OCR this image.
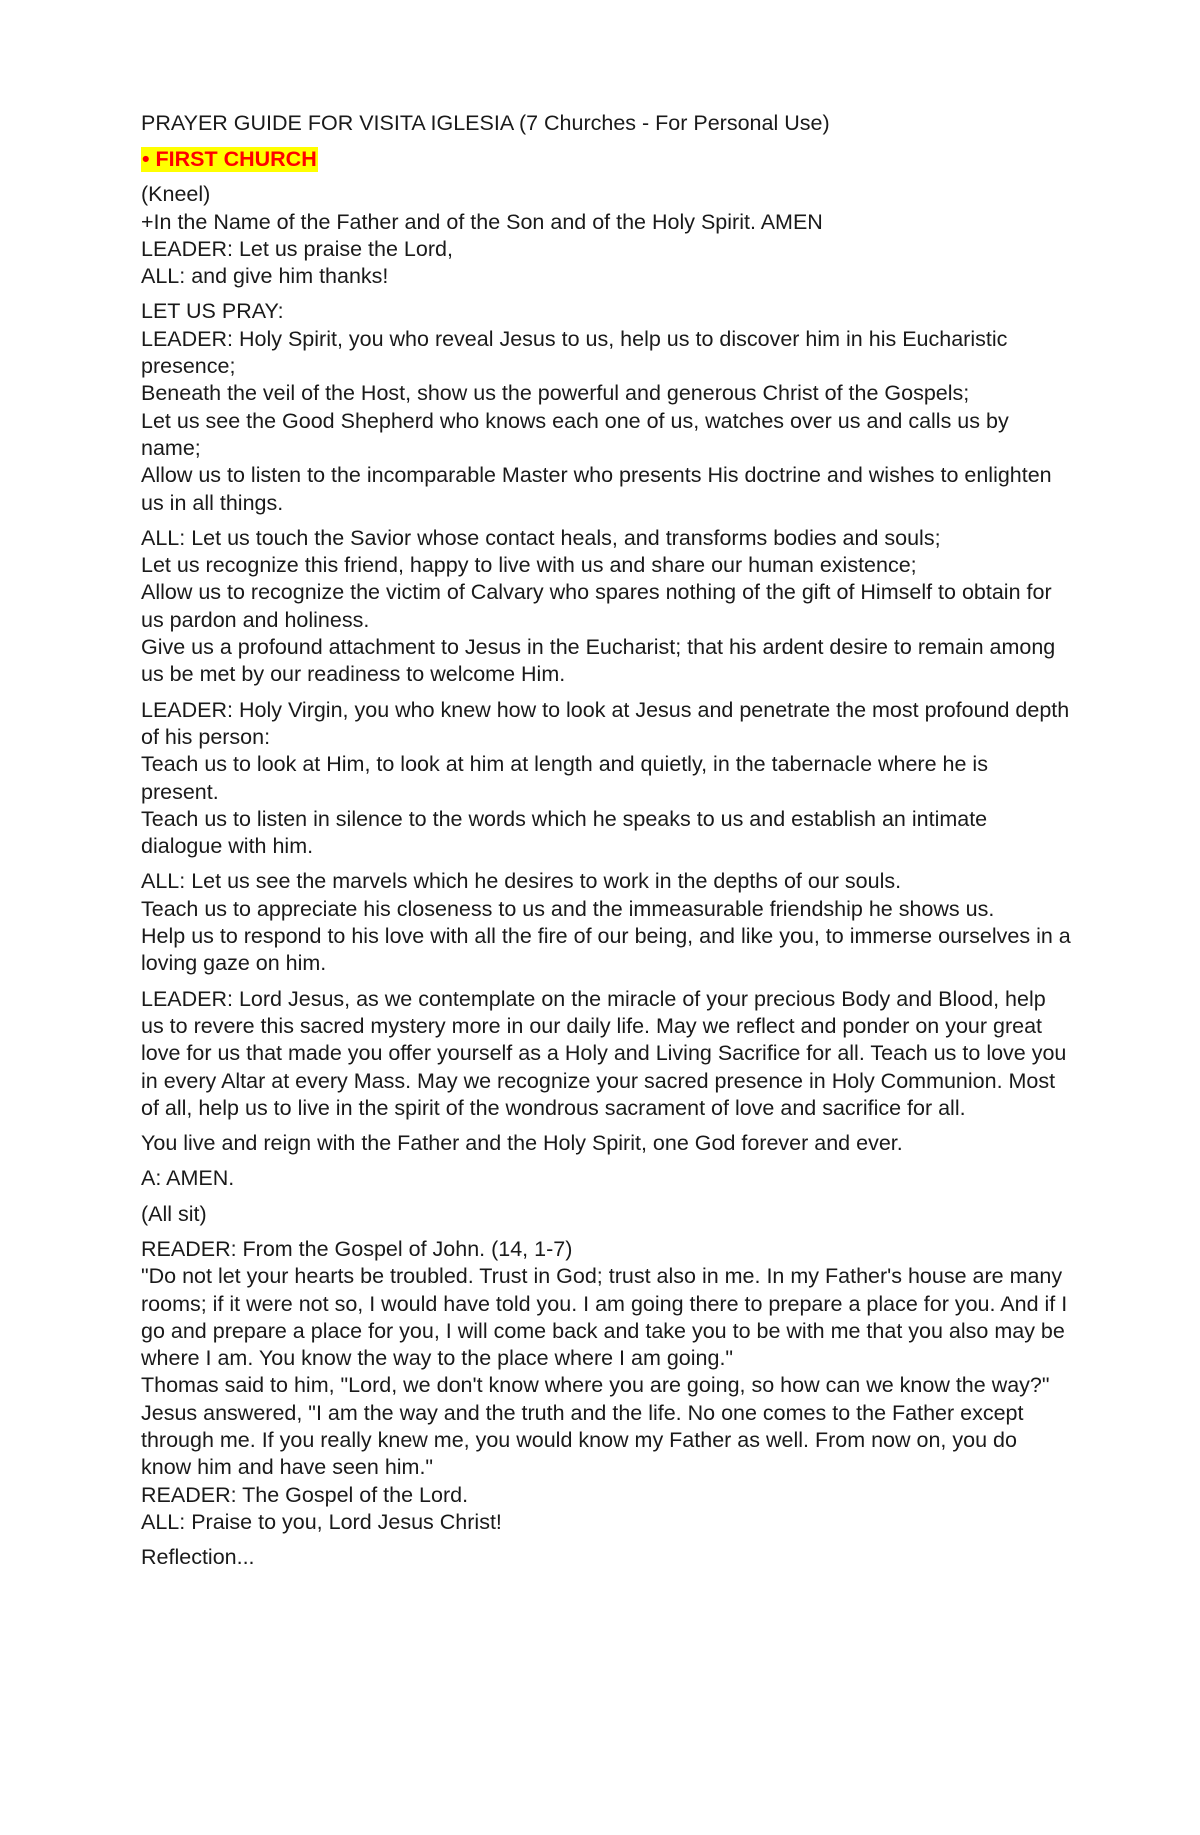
PRAYER GUIDE FOR VISITA IGLESIA (7 Churches - For Personal Use)

• FIRST CHURCH

(Kneel)
+In the Name of the Father and of the Son and of the Holy Spirit. AMEN
LEADER: Let us praise the Lord,
ALL: and give him thanks!

LET US PRAY:
LEADER: Holy Spirit, you who reveal Jesus to us, help us to discover him in his Eucharistic presence;
Beneath the veil of the Host, show us the powerful and generous Christ of the Gospels;
Let us see the Good Shepherd who knows each one of us, watches over us and calls us by name;
Allow us to listen to the incomparable Master who presents His doctrine and wishes to enlighten us in all things.

ALL: Let us touch the Savior whose contact heals, and transforms bodies and souls;
Let us recognize this friend, happy to live with us and share our human existence;
Allow us to recognize the victim of Calvary who spares nothing of the gift of Himself to obtain for us pardon and holiness.
Give us a profound attachment to Jesus in the Eucharist; that his ardent desire to remain among us be met by our readiness to welcome Him.

LEADER: Holy Virgin, you who knew how to look at Jesus and penetrate the most profound depth of his person:
Teach us to look at Him, to look at him at length and quietly, in the tabernacle where he is present.
Teach us to listen in silence to the words which he speaks to us and establish an intimate dialogue with him.

ALL: Let us see the marvels which he desires to work in the depths of our souls.
Teach us to appreciate his closeness to us and the immeasurable friendship he shows us.
Help us to respond to his love with all the fire of our being, and like you, to immerse ourselves in a loving gaze on him.

LEADER: Lord Jesus, as we contemplate on the miracle of your precious Body and Blood, help us to revere this sacred mystery more in our daily life. May we reflect and ponder on your great love for us that made you offer yourself as a Holy and Living Sacrifice for all. Teach us to love you in every Altar at every Mass. May we recognize your sacred presence in Holy Communion. Most of all, help us to live in the spirit of the wondrous sacrament of love and sacrifice for all.

You live and reign with the Father and the Holy Spirit, one God forever and ever.

A: AMEN.

(All sit)

READER: From the Gospel of John. (14, 1-7)
"Do not let your hearts be troubled. Trust in God; trust also in me. In my Father's house are many rooms; if it were not so, I would have told you. I am going there to prepare a place for you. And if I go and prepare a place for you, I will come back and take you to be with me that you also may be where I am. You know the way to the place where I am going."
Thomas said to him, "Lord, we don't know where you are going, so how can we know the way?"
Jesus answered, "I am the way and the truth and the life. No one comes to the Father except through me. If you really knew me, you would know my Father as well. From now on, you do know him and have seen him."
READER: The Gospel of the Lord.
ALL: Praise to you, Lord Jesus Christ!

Reflection...
